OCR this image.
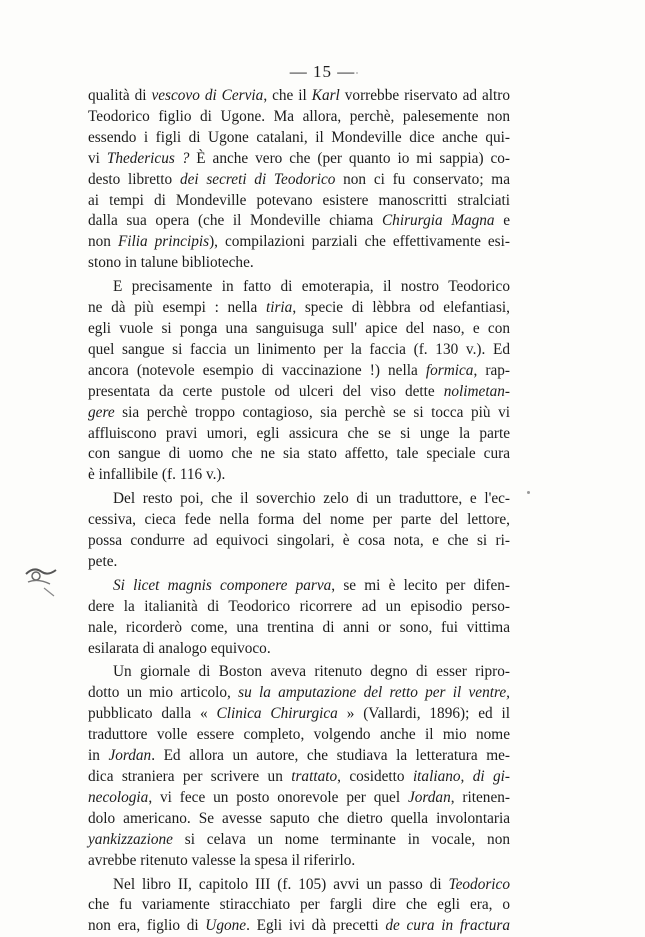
— 15 —
qualità di vescovo di Cervia, che il Karl vorrebbe riservato ad altro
Teodorico figlio di Ugone. Ma allora, perchè, palesemente non
essendo i figli di Ugone catalani, il Mondeville dice anche qui-
vi Thedericus ? È anche vero che (per quanto io mi sappia) co-
desto libretto dei secreti di Teodorico non ci fu conservato; ma
ai tempi di Mondeville potevano esistere manoscritti stralciati
dalla sua opera (che il Mondeville chiama Chirurgia Magna e
non Filia principis), compilazioni parziali che effettivamente esi-
stono in talune biblioteche.
E precisamente in fatto di emoterapia, il nostro Teodorico
ne dà più esempi : nella tiria, specie di lèbbra od elefantiasi,
egli vuole si ponga una sanguisuga sull' apice del naso, e con
quel sangue si faccia un linimento per la faccia (f. 130 v.). Ed
ancora (notevole esempio di vaccinazione !) nella formica, rap-
presentata da certe pustole od ulceri del viso dette nolimetan-
gere sia perchè troppo contagioso, sia perchè se si tocca più vi
affluiscono pravi umori, egli assicura che se si unge la parte
con sangue di uomo che ne sia stato affetto, tale speciale cura
è infallibile (f. 116 v.).
Del resto poi, che il soverchio zelo di un traduttore, e l'ec-
cessiva, cieca fede nella forma del nome per parte del lettore,
possa condurre ad equivoci singolari, è cosa nota, e che si ri-
pete.
Si licet magnis componere parva, se mi è lecito per difen-
dere la italianità di Teodorico ricorrere ad un episodio perso-
nale, ricorderò come, una trentina di anni or sono, fui vittima
esilarata di analogo equivoco.
Un giornale di Boston aveva ritenuto degno di esser ripro-
dotto un mio articolo, su la amputazione del retto per il ventre,
pubblicato dalla « Clinica Chirurgica » (Vallardi, 1896); ed il
traduttore volle essere completo, volgendo anche il mio nome
in Jordan. Ed allora un autore, che studiava la letteratura me-
dica straniera per scrivere un trattato, cosidetto italiano, di gi-
necologia, vi fece un posto onorevole per quel Jordan, ritenen-
dolo americano. Se avesse saputo che dietro quella involontaria
yankizzazione si celava un nome terminante in vocale, non
avrebbe ritenuto valesse la spesa il riferirlo.
Nel libro II, capitolo III (f. 105) avvi un passo di Teodorico
che fu variamente stiracchiato per fargli dire che egli era, o
non era, figlio di Ugone. Egli ivi dà precetti de cura in fractura
